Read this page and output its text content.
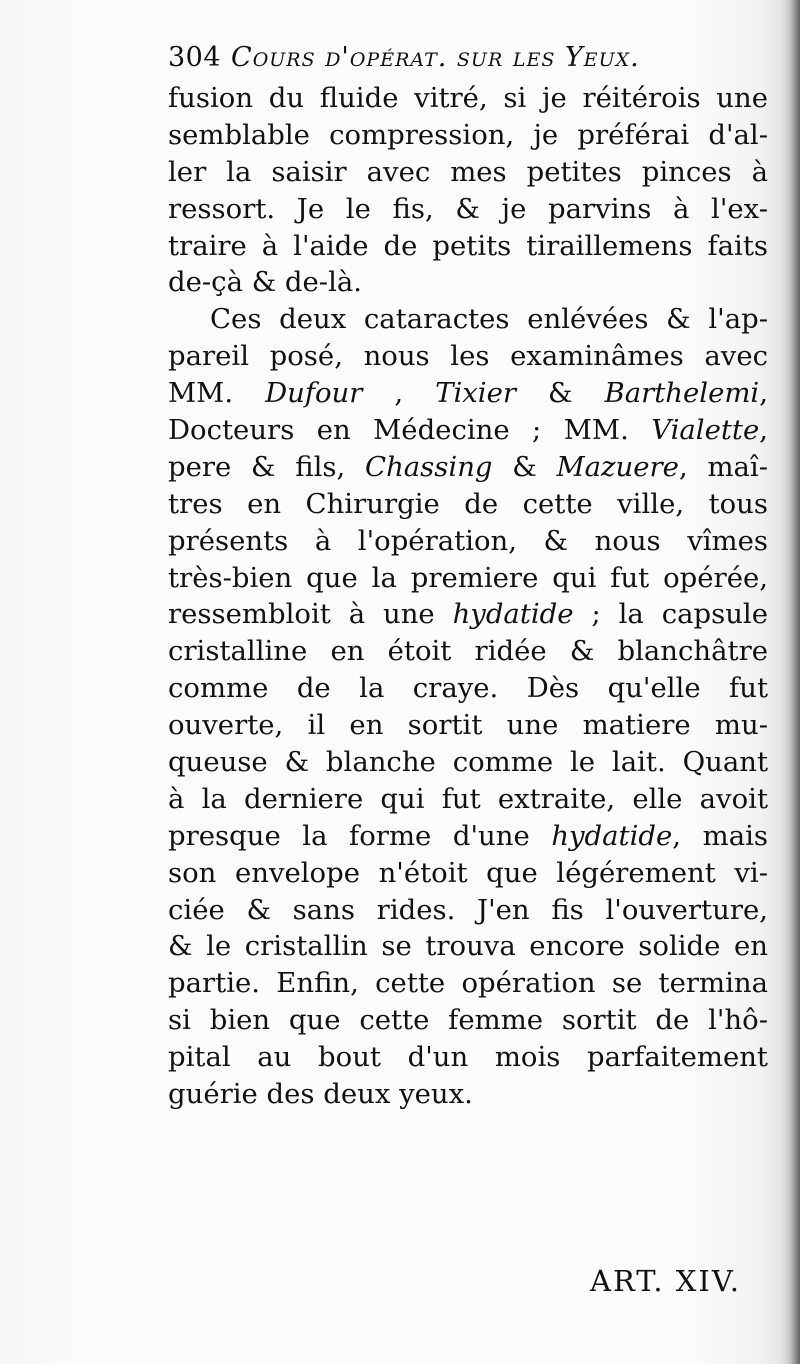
304 Cours d'opérat. sur les Yeux.
fusion du fluide vitré, si je réitérois une
semblable compression, je préférai d'al-
ler la saisir avec mes petites pinces à
ressort. Je le fis, & je parvins à l'ex-
traire à l'aide de petits tiraillemens faits
de-çà & de-là.
Ces deux cataractes enlévées & l'ap-
pareil posé, nous les examinâmes avec
MM. Dufour , Tixier & Barthelemi,
Docteurs en Médecine ; MM. Vialette,
pere & fils, Chassing & Mazuere, maî-
tres en Chirurgie de cette ville, tous
présents à l'opération, & nous vîmes
très-bien que la premiere qui fut opérée,
ressembloit à une hydatide ; la capsule
cristalline en étoit ridée & blanchâtre
comme de la craye. Dès qu'elle fut
ouverte, il en sortit une matiere mu-
queuse & blanche comme le lait. Quant
à la derniere qui fut extraite, elle avoit
presque la forme d'une hydatide, mais
son envelope n'étoit que légérement vi-
ciée & sans rides. J'en fis l'ouverture,
& le cristallin se trouva encore solide en
partie. Enfin, cette opération se termina
si bien que cette femme sortit de l'hô-
pital au bout d'un mois parfaitement
guérie des deux yeux.
ART. XIV.
